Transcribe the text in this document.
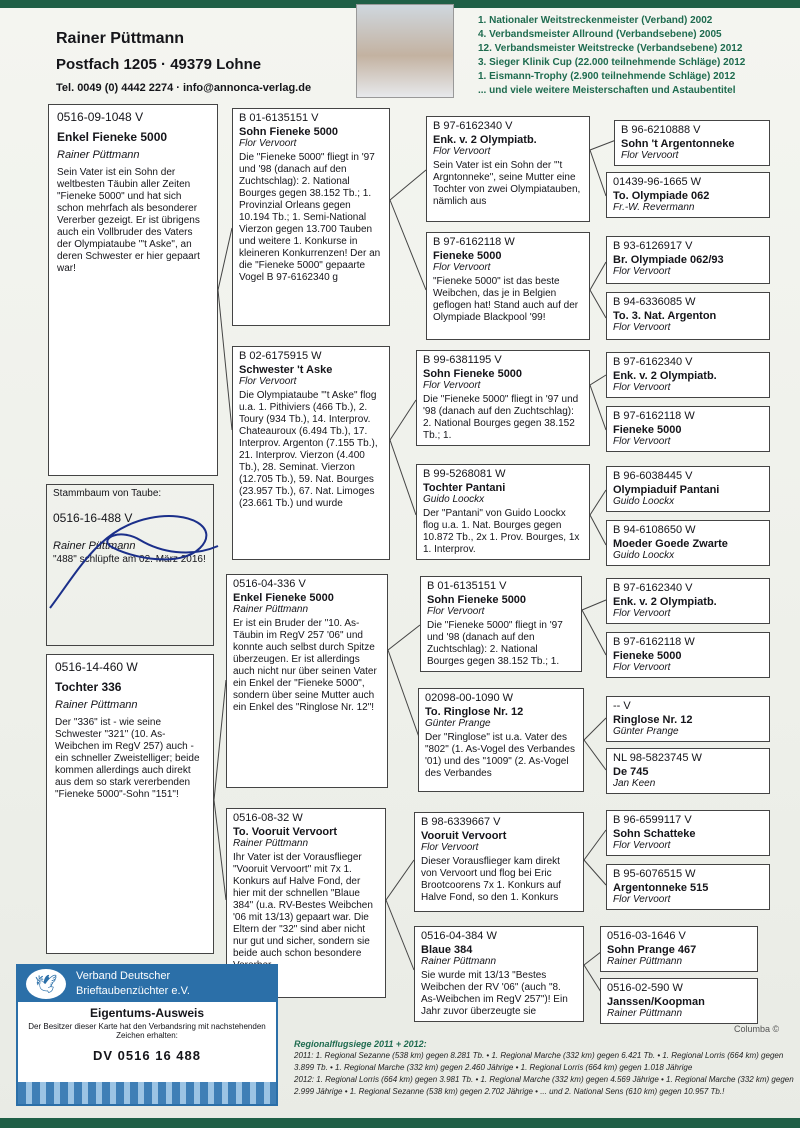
Rainer Püttmann
Postfach 1205 · 49379 Lohne
Tel. 0049 (0) 4442 2274 · info@annonca-verlag.de
1. Nationaler Weitstreckenmeister (Verband) 2002
4. Verbandsmeister Allround (Verbandsebene) 2005
12. Verbandsmeister Weitstrecke (Verbandsebene) 2012
3. Sieger Klinik Cup (22.000 teilnehmende Schläge) 2012
1. Eismann-Trophy (2.900 teilnehmende Schläge) 2012
... und viele weitere Meisterschaften und Astaubentitel
0516-09-1048 V
Enkel Fieneke 5000
Rainer Püttmann
Sein Vater ist ein Sohn der weltbesten Täubin aller Zeiten "Fieneke 5000" und hat sich schon mehrfach als besonderer Vererber gezeigt. Er ist übrigens auch ein Vollbruder des Vaters der Olympiataube "'t Aske", an deren Schwester er hier gepaart war!
0516-14-460 W
Tochter 336
Rainer Püttmann
Der "336" ist - wie seine Schwester "321" (10. As-Weibchen im RegV 257) auch - ein schneller Zweistelliger; beide kommen allerdings auch direkt aus dem so stark vererbenden "Fieneke 5000"-Sohn "151"!
Stammbaum von Taube:
0516-16-488 V
Rainer Püttmann
"488" schlüpfte am 02. März 2016!
B 01-6135151 V
Sohn Fieneke 5000
Flor Vervoort
Die "Fieneke 5000" fliegt in '97 und '98 (danach auf den Zuchtschlag): 2. National Bourges gegen 38.152 Tb.; 1. Provinzial Orleans gegen 10.194 Tb.; 1. Semi-National Vierzon gegen 13.700 Tauben und weitere 1. Konkurse in kleineren Konkurrenzen! Der an die "Fieneke 5000" gepaarte Vogel B 97-6162340 g
B 02-6175915 W
Schwester 't Aske
Flor Vervoort
Die Olympiataube "'t Aske" flog u.a. 1. Pithiviers (466 Tb.), 2. Toury (934 Tb.), 14. Interprov. Chateauroux (6.494 Tb.), 17. Interprov. Argenton (7.155 Tb.), 21. Interprov. Vierzon (4.400 Tb.), 28. Seminat. Vierzon (12.705 Tb.), 59. Nat. Bourges (23.957 Tb.), 67. Nat. Limoges (23.661 Tb.) und wurde
0516-04-336 V
Enkel Fieneke 5000
Rainer Püttmann
Er ist ein Bruder der "10. As-Täubin im RegV 257 '06" und konnte auch selbst durch Spitze überzeugen. Er ist allerdings auch nicht nur über seinen Vater ein Enkel der "Fieneke 5000", sondern über seine Mutter auch ein Enkel des "Ringlose Nr. 12"!
0516-08-32 W
To. Vooruit Vervoort
Rainer Püttmann
Ihr Vater ist der Vorausflieger "Vooruit Vervoort" mit 7x 1. Konkurs auf Halve Fond, der hier mit der schnellen "Blaue 384" (u.a. RV-Bestes Weibchen '06 mit 13/13) gepaart war. Die Eltern der "32" sind aber nicht nur gut und sicher, sondern sie beide auch schon besondere
B 97-6162340 V
Enk. v. 2 Olympiatb.
Flor Vervoort
Sein Vater ist ein Sohn der "'t Argntonneke", seine Mutter eine Tochter von zwei Olympiatauben, nämlich aus
B 97-6162118 W
Fieneke 5000
Flor Vervoort
"Fieneke 5000" ist das beste Weibchen, das je in Belgien geflogen hat! Stand auch auf der Olympiade Blackpool '99!
B 99-6381195 V
Sohn Fieneke 5000
Flor Vervoort
Die "Fieneke 5000" fliegt in '97 und '98 (danach auf den Zuchtschlag): 2. National Bourges gegen 38.152 Tb.; 1.
B 99-5268081 W
Tochter Pantani
Guido Loockx
Der "Pantani" von Guido Loockx flog u.a. 1. Nat. Bourges gegen 10.872 Tb., 2x 1. Prov. Bourges, 1x 1. Interprov.
B 01-6135151 V
Sohn Fieneke 5000
Flor Vervoort
Die "Fieneke 5000" fliegt in '97 und '98 (danach auf den Zuchtschlag): 2. National Bourges gegen 38.152 Tb.; 1.
02098-00-1090 W
To. Ringlose Nr. 12
Günter Prange
Der "Ringlose" ist u.a. Vater des "802" (1. As-Vogel des Verbandes '01) und des "1009" (2. As-Vogel des Verbandes
B 98-6339667 V
Vooruit Vervoort
Flor Vervoort
Dieser Vorausflieger kam direkt von Vervoort und flog bei Eric Brootcoorens 7x 1. Konkurs auf Halve Fond, so den 1. Konkurs
0516-04-384 W
Blaue 384
Rainer Püttmann
Sie wurde mit 13/13 "Bestes Weibchen der RV '06" (auch "8. As-Weibchen im RegV 257")! Ein Jahr zuvor überzeugte sie
B 96-6210888 V
Sohn 't Argentonneke
Flor Vervoort
01439-96-1665 W
To. Olympiade 062
Fr.-W. Revermann
B 93-6126917 V
Br. Olympiade 062/93
Flor Vervoort
B 94-6336085 W
To. 3. Nat. Argenton
Flor Vervoort
B 97-6162340 V
Enk. v. 2 Olympiatb.
Flor Vervoort
B 97-6162118 W
Fieneke 5000
Flor Vervoort
B 96-6038445 V
Olympiaduif Pantani
Guido Loockx
B 94-6108650 W
Moeder Goede Zwarte
Guido Loockx
B 97-6162340 V
Enk. v. 2 Olympiatb.
Flor Vervoort
B 97-6162118 W
Fieneke 5000
Flor Vervoort
-- V
Ringlose Nr. 12
Günter Prange
NL 98-5823745 W
De 745
Jan Keen
B 96-6599117 V
Sohn Schatteke
Flor Vervoort
B 95-6076515 W
Argentonneke 515
Flor Vervoort
0516-03-1646 V
Sohn Prange 467
Rainer Püttmann
0516-02-590 W
Janssen/Koopman
Rainer Püttmann
Columba ©
🕊	Verband Deutscher
Brieftaubenzüchter e.V.
Eigentums-Ausweis
Der Besitzer dieser Karte hat den Verbandsring mit nachstehenden Zeichen erhalten:
DV 0516 16 488
Regionalflugsiege 2011 + 2012:
2011: 1. Regional Sezanne (538 km) gegen 8.281 Tb. • 1. Regional Marche (332 km) gegen 6.421 Tb. • 1. Regional Lorris (664 km) gegen 3.899 Tb. • 1. Regional Marche (332 km) gegen 2.460 Jährige • 1. Regional Lorris (664 km) gegen 1.018 Jährige
2012: 1. Regional Lorris (664 km) gegen 3.981 Tb. • 1. Regional Marche (332 km) gegen 4.569 Jährige • 1. Regional Marche (332 km) gegen 2.999 Jährige • 1. Regional Sezanne (538 km) gegen 2.702 Jährige • ... und 2. National Sens (610 km) gegen 10.957 Tb.!
